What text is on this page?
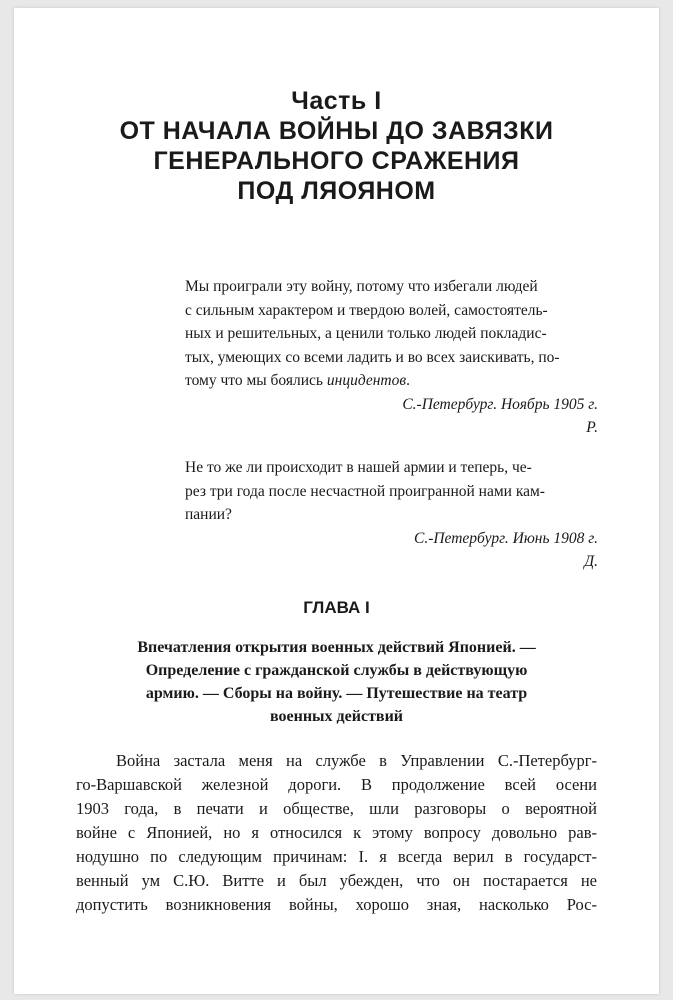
Часть I
ОТ НАЧАЛА ВОЙНЫ ДО ЗАВЯЗКИ
ГЕНЕРАЛЬНОГО СРАЖЕНИЯ
ПОД ЛЯОЯНОМ
Мы проиграли эту войну, потому что избегали людей
с сильным характером и твердою волей, самостоятель-
ных и решительных, а ценили только людей покладис-
тых, умеющих со всеми ладить и во всех заискивать, по-
тому что мы боялись инцидентов.
С.-Петербург. Ноябрь 1905 г.
Р.
Не то же ли происходит в нашей армии и теперь, че-
рез три года после несчастной проигранной нами кам-
пании?
С.-Петербург. Июнь 1908 г.
Д.
ГЛАВА I
Впечатления открытия военных действий Японией. —
Определение с гражданской службы в действующую
армию. — Сборы на войну. — Путешествие на театр
военных действий
Война застала меня на службе в Управлении С.-Петербург-
го-Варшавской железной дороги. В продолжение всей осени
1903 года, в печати и обществе, шли разговоры о вероятной
войне с Японией, но я относился к этому вопросу довольно рав-
нодушно по следующим причинам: I. я всегда верил в государст-
венный ум С.Ю. Витте и был убежден, что он постарается не
допустить возникновения войны, хорошо зная, насколько Рос-
